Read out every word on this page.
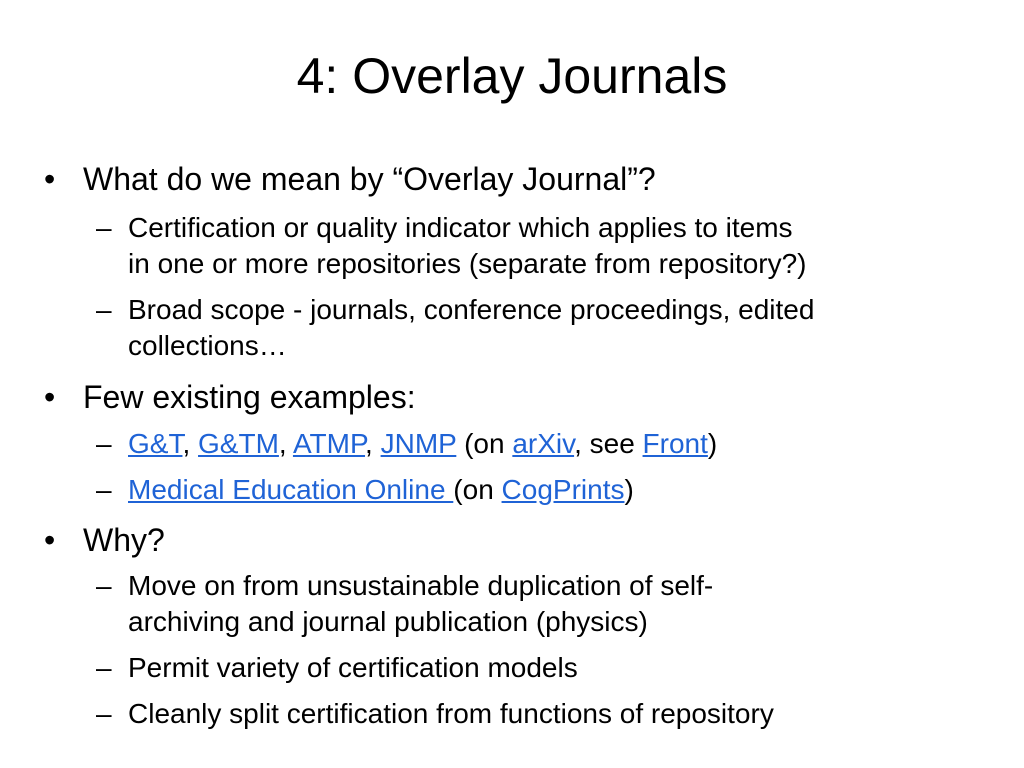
4: Overlay Journals
• What do we mean by “Overlay Journal”?
– Certification or quality indicator which applies to items
in one or more repositories (separate from repository?)
– Broad scope - journals, conference proceedings, edited
collections…
• Few existing examples:
– G&T, G&TM, ATMP, JNMP (on arXiv, see Front)
– Medical Education Online (on CogPrints)
• Why?
– Move on from unsustainable duplication of self-
archiving and journal publication (physics)
– Permit variety of certification models
– Cleanly split certification from functions of repository
